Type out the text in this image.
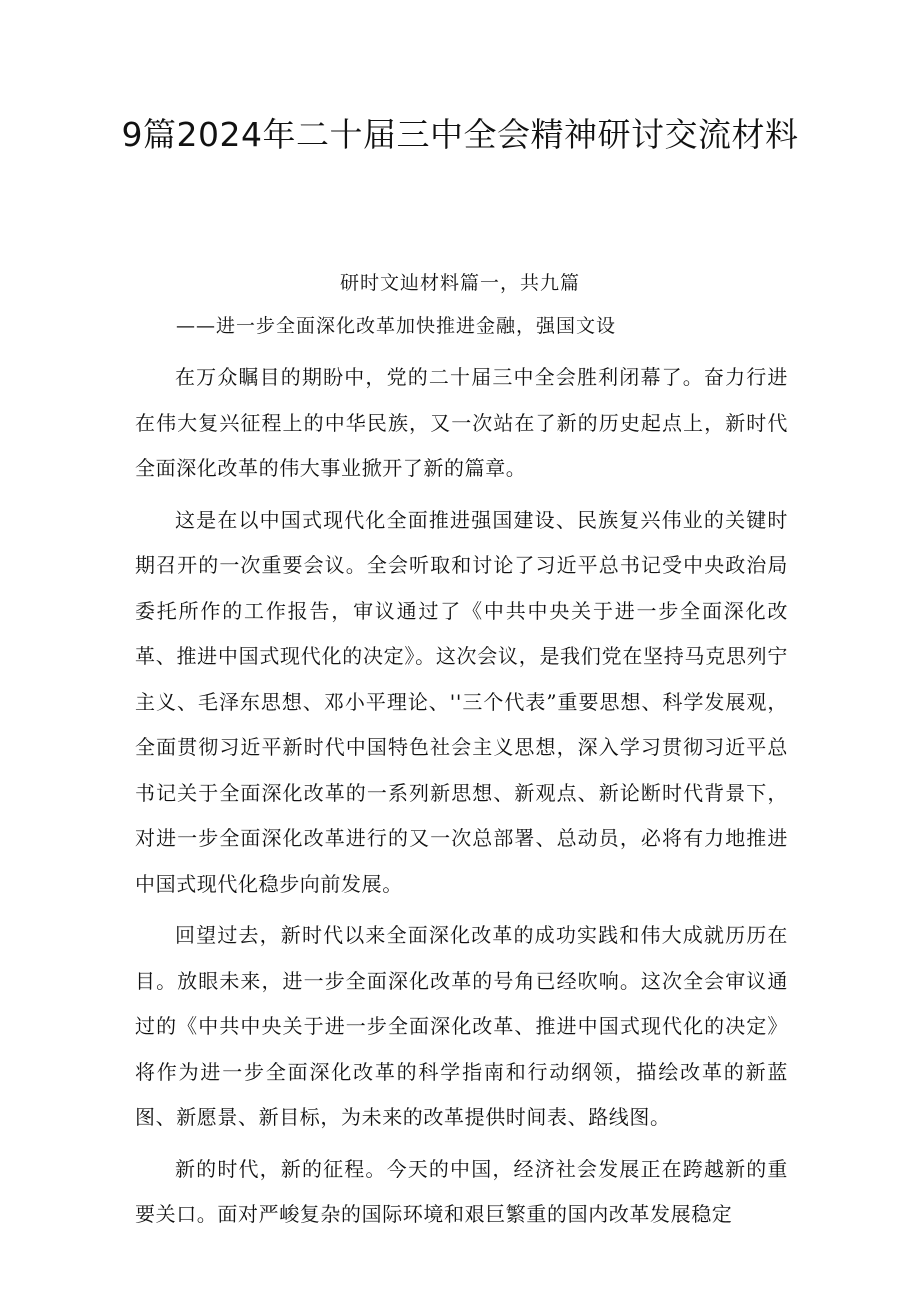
9篇2024年二十届三中全会精神研讨交流材料

研时文辿材料篇一，共九篇

——进一步全面深化改革加快推进金融，强国文设

在万众瞩目的期盼中，党的二十届三中全会胜利闭幕了。奋力行进在伟大复兴征程上的中华民族，又一次站在了新的历史起点上，新时代全面深化改革的伟大事业掀开了新的篇章。

这是在以中国式现代化全面推进强国建设、民族复兴伟业的关键时期召开的一次重要会议。全会听取和讨论了习近平总书记受中央政治局委托所作的工作报告，审议通过了《中共中央关于进一步全面深化改革、推进中国式现代化的决定》。这次会议，是我们党在坚持马克思列宁主义、毛泽东思想、邓小平理论、''三个代表”重要思想、科学发展观，全面贯彻习近平新时代中国特色社会主义思想，深入学习贯彻习近平总书记关于全面深化改革的一系列新思想、新观点、新论断时代背景下，对进一步全面深化改革进行的又一次总部署、总动员，必将有力地推进中国式现代化稳步向前发展。

回望过去，新时代以来全面深化改革的成功实践和伟大成就历历在目。放眼未来，进一步全面深化改革的号角已经吹响。这次全会审议通过的《中共中央关于进一步全面深化改革、推进中国式现代化的决定》将作为进一步全面深化改革的科学指南和行动纲领，描绘改革的新蓝图、新愿景、新目标，为未来的改革提供时间表、路线图。

新的时代，新的征程。今天的中国，经济社会发展正在跨越新的重要关口。面对严峻复杂的国际环境和艰巨繁重的国内改革发展稳定
